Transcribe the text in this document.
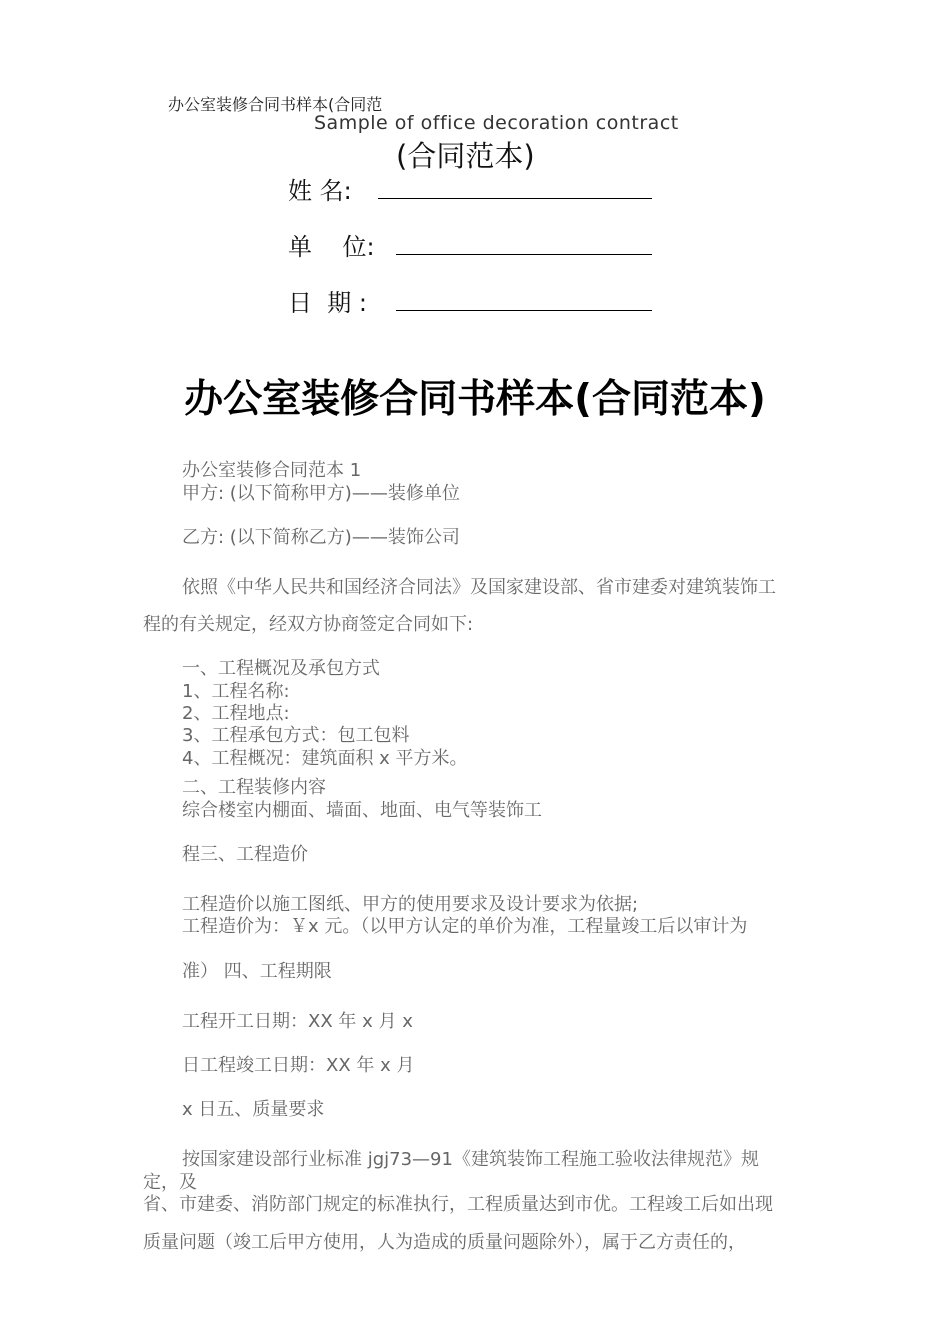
办公室装修合同书样本(合同范
Sample of office decoration contract
(合同范本)
姓 名:
单    位:
日  期 :
办公室装修合同书样本(合同范本)
办公室装修合同范本 1
甲方: (以下简称甲方)——装修单位
乙方: (以下简称乙方)——装饰公司
依照《中华人民共和国经济合同法》及国家建设部、省市建委对建筑装饰工
程的有关规定，经双方协商签定合同如下:
一、工程概况及承包方式
1、工程名称:
2、工程地点:
3、工程承包方式：包工包料
4、工程概况：建筑面积 x 平方米。
二、工程装修内容
综合楼室内棚面、墙面、地面、电气等装饰工
程三、工程造价
工程造价以施工图纸、甲方的使用要求及设计要求为依据;
工程造价为：￥x 元。（以甲方认定的单价为准，工程量竣工后以审计为
准） 四、工程期限
工程开工日期：XX 年 x 月 x
日工程竣工日期：XX 年 x 月
x 日五、质量要求
按国家建设部行业标准 jgj73—91《建筑装饰工程施工验收法律规范》规
定，及
省、市建委、消防部门规定的标准执行，工程质量达到市优。工程竣工后如出现
质量问题（竣工后甲方使用，人为造成的质量问题除外），属于乙方责任的，
